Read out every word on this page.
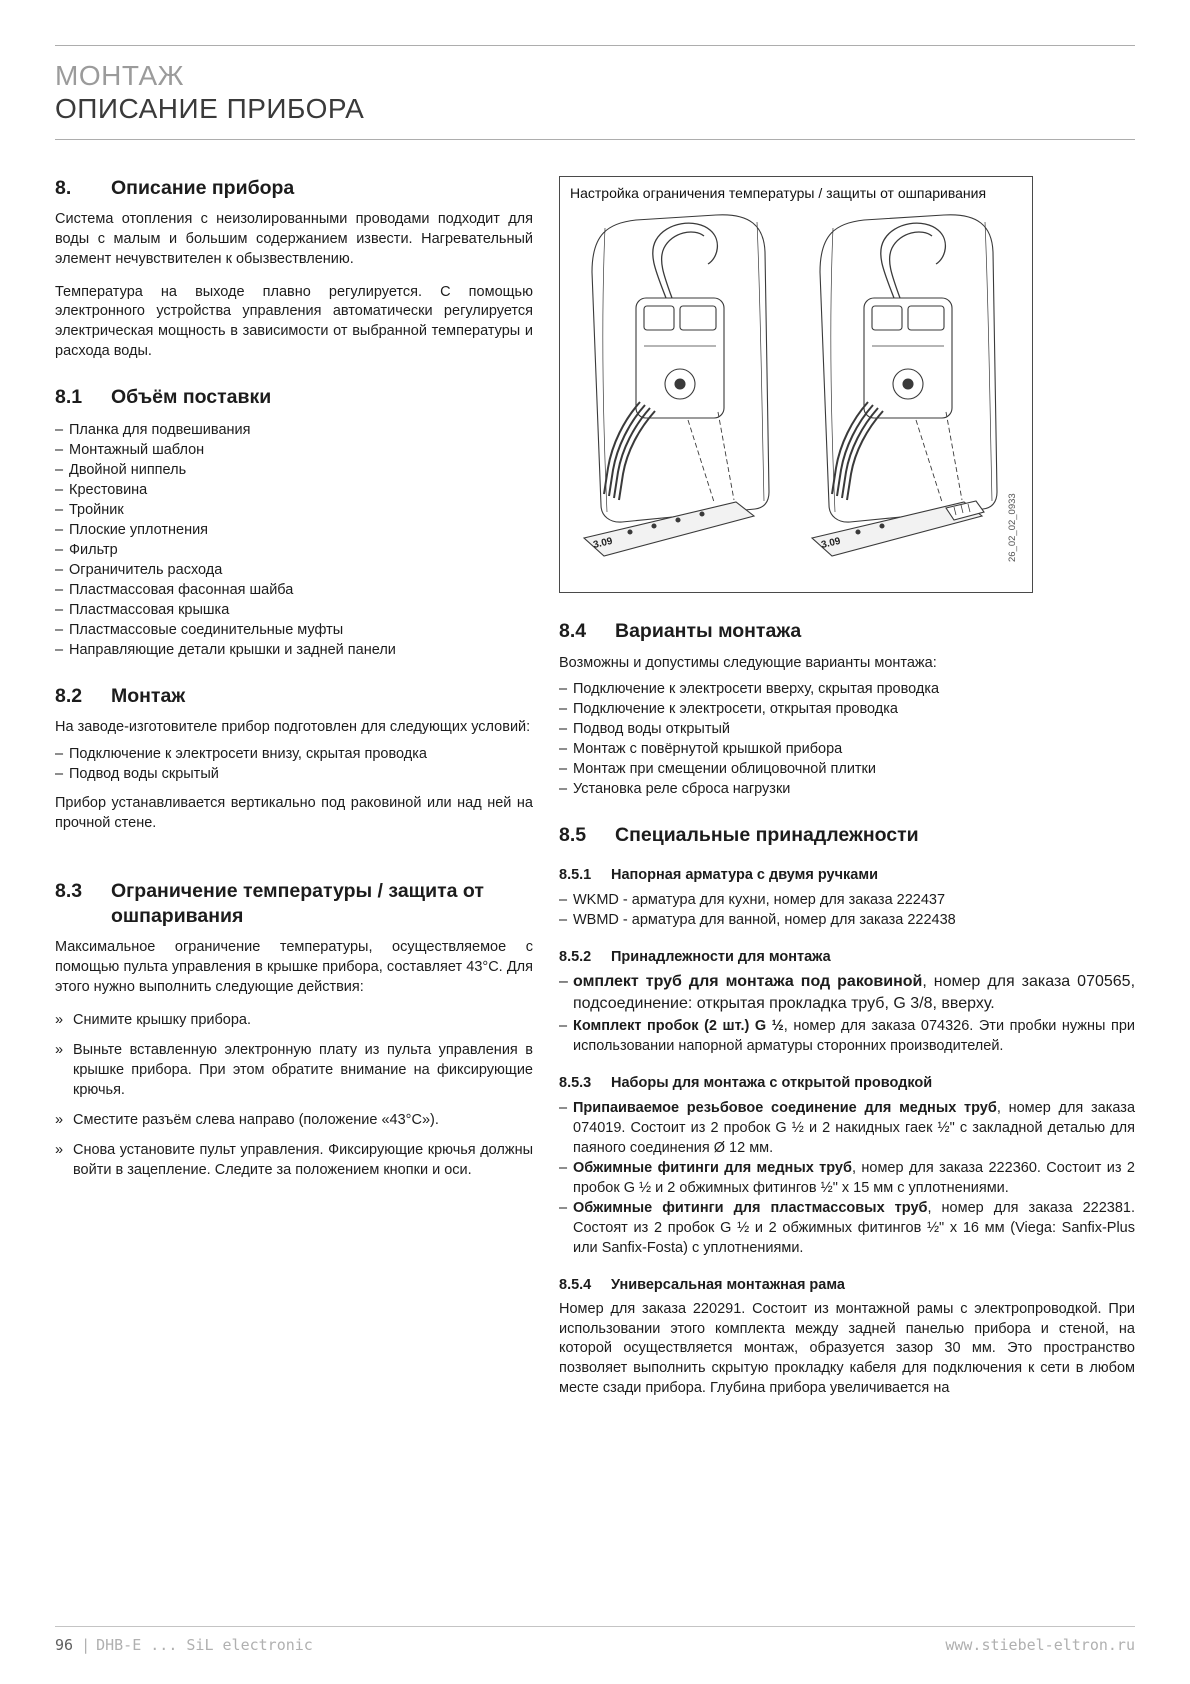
МОНТАЖ
ОПИСАНИЕ ПРИБОРА
8.	Описание прибора

Система отопления с неизолированными проводами подходит для воды с малым и большим содержанием извести. Нагревательный элемент нечувствителен к обызвествлению.

Температура на выходе плавно регулируется. С помощью электронного устройства управления автоматически регулируется электрическая мощность в зависимости от выбранной температуры и расхода воды.

8.1	Объём поставки
– Планка для подвешивания
– Монтажный шаблон
– Двойной ниппель
– Крестовина
– Тройник
– Плоские уплотнения
– Фильтр
– Ограничитель расхода
– Пластмассовая фасонная шайба
– Пластмассовая крышка
– Пластмассовые соединительные муфты
– Направляющие детали крышки и задней панели
8.2	Монтаж

На заводе-изготовителе прибор подготовлен для следующих условий:

– Подключение к электросети внизу, скрытая проводка
– Подвод воды скрытый

Прибор устанавливается вертикально под раковиной или над ней на прочной стене.

8.3	Ограничение температуры / защита от ошпаривания

Максимальное ограничение температуры, осуществляемое с помощью пульта управления в крышке прибора, составляет 43°C. Для этого нужно выполнить следующие действия:

» Снимите крышку прибора.
» Выньте вставленную электронную плату из пульта управления в крышке прибора. При этом обратите внимание на фиксирующие крючья.
» Сместите разъём слева направо (положение «43°C»).
» Снова установите пульт управления. Фиксирующие крючья должны войти в зацепление. Следите за положением кнопки и оси.
Настройка ограничения температуры / защиты от ошпаривания
3.09	3.09	26_02_02_0933
8.4	Варианты монтажа

Возможны и допустимы следующие варианты монтажа:

– Подключение к электросети вверху, скрытая проводка
– Подключение к электросети, открытая проводка
– Подвод воды открытый
– Монтаж с повёрнутой крышкой прибора
– Монтаж при смещении облицовочной плитки
– Установка реле сброса нагрузки
8.5	Специальные принадлежности
8.5.1	Напорная арматура с двумя ручками
– WKMD - арматура для кухни, номер для заказа 222437
– WBMD - арматура для ванной, номер для заказа 222438
8.5.2	Принадлежности для монтажа
– омплект труб для монтажа под раковиной, номер для заказа 070565, подсоединение: открытая прокладка труб, G 3/8, вверху.
– Комплект пробок (2 шт.) G ½, номер для заказа 074326. Эти пробки нужны при использовании напорной арматуры сторонних производителей.
8.5.3	Наборы для монтажа с открытой проводкой
– Припаиваемое резьбовое соединение для медных труб, номер для заказа 074019. Состоит из 2 пробок G ½ и 2 накидных гаек ½" с закладной деталью для паяного соединения Ø 12 мм.
– Обжимные фитинги для медных труб, номер для заказа 222360. Состоит из 2 пробок G ½ и 2 обжимных фитингов ½" x 15 мм с уплотнениями.
– Обжимные фитинги для пластмассовых труб, номер для заказа 222381. Состоят из 2 пробок G ½ и 2 обжимных фитингов ½" x 16 мм (Viega: Sanfix-Plus или Sanfix-Fosta) с уплотнениями.
8.5.4	Универсальная монтажная рама

Номер для заказа 220291. Состоит из монтажной рамы с электропроводкой. При использовании этого комплекта между задней панелью прибора и стеной, на которой осуществляется монтаж, образуется зазор 30 мм. Это пространство позволяет выполнить скрытую прокладку кабеля для подключения к сети в любом месте сзади прибора. Глубина прибора увеличивается на

96 | DHB-E ... SiL electronic	www.stiebel-eltron.ru
